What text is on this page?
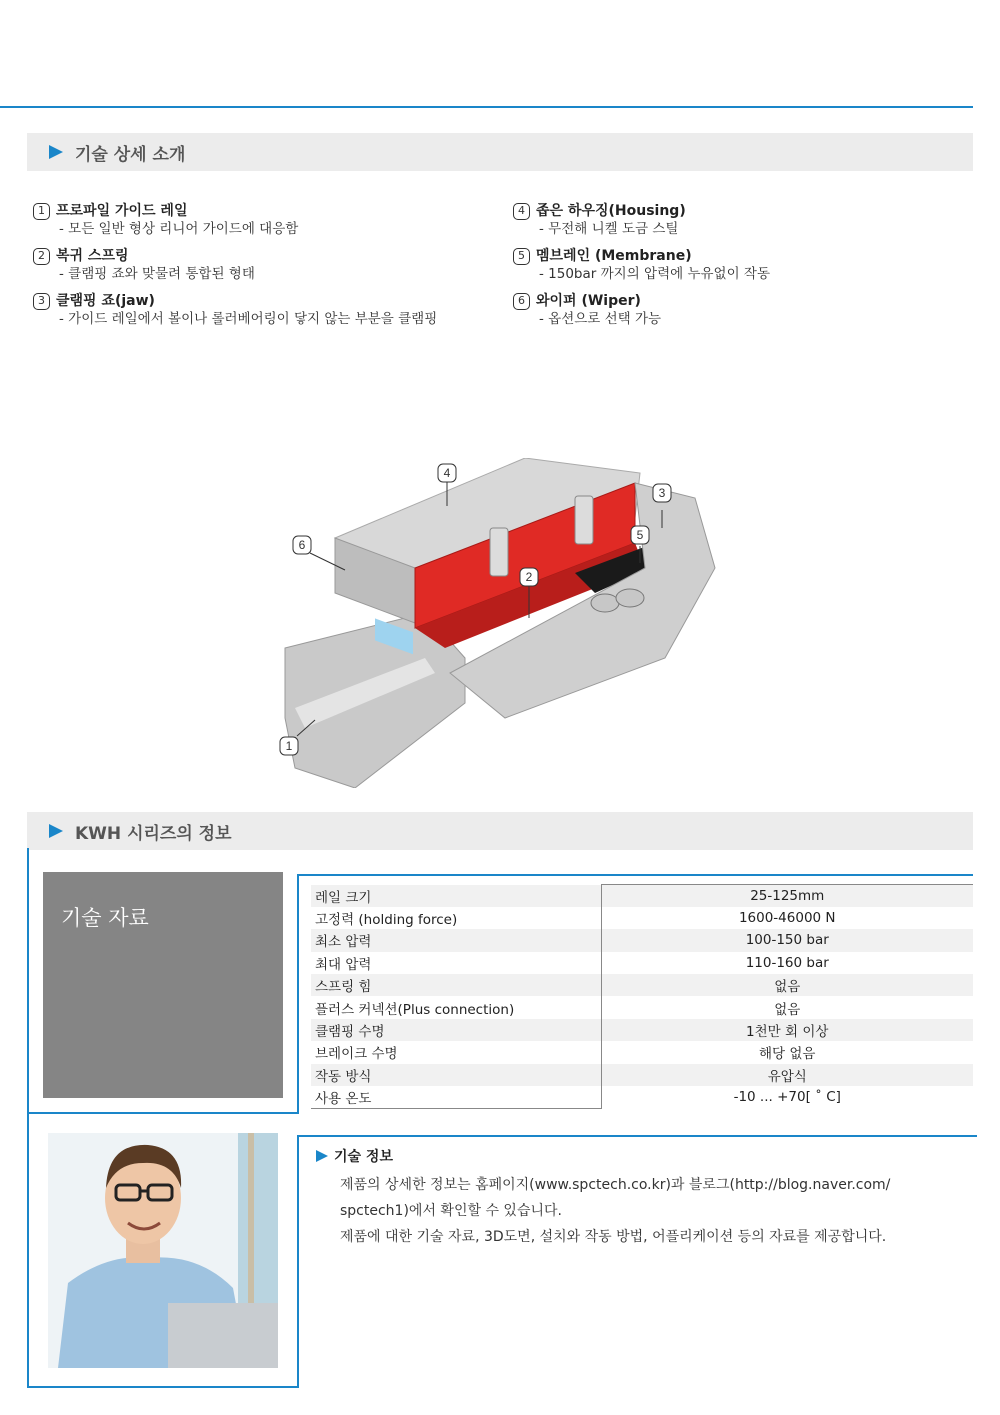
기술 상세 소개
1 프로파일 가이드 레일
- 모든 일반 형상 리니어 가이드에 대응함
2 복귀 스프링
- 클램핑 죠와 맞물려 통합된 형태
3 클램핑 죠(jaw)
- 가이드 레일에서 볼이나 롤러베어링이 닿지 않는 부분을 클램핑
4 좁은 하우징(Housing)
- 무전해 니켈 도금 스틸
5 멤브레인 (Membrane)
- 150bar 까지의 압력에 누유없이 작동
6 와이퍼 (Wiper)
- 옵션으로 선택 가능
4
3
6
5
2
1
KWH 시리즈의 정보
기술 자료
레일 크기	25-125mm
고정력 (holding force)	1600-46000 N
최소 압력	100-150 bar
최대 압력	110-160 bar
스프링 힘	없음
플러스 커넥션(Plus connection)	없음
클램핑 수명	1천만 회 이상
브레이크 수명	해당 없음
작동 방식	유압식
사용 온도	-10 ... +70[ ˚ C]
기술 정보

제품의 상세한 정보는 홈페이지(www.spctech.co.kr)과 블로그(http://blog.naver.com/

spctech1)에서 확인할 수 있습니다.

제품에 대한 기술 자료, 3D도면, 설치와 작동 방법, 어플리케이션 등의 자료를 제공합니다.
